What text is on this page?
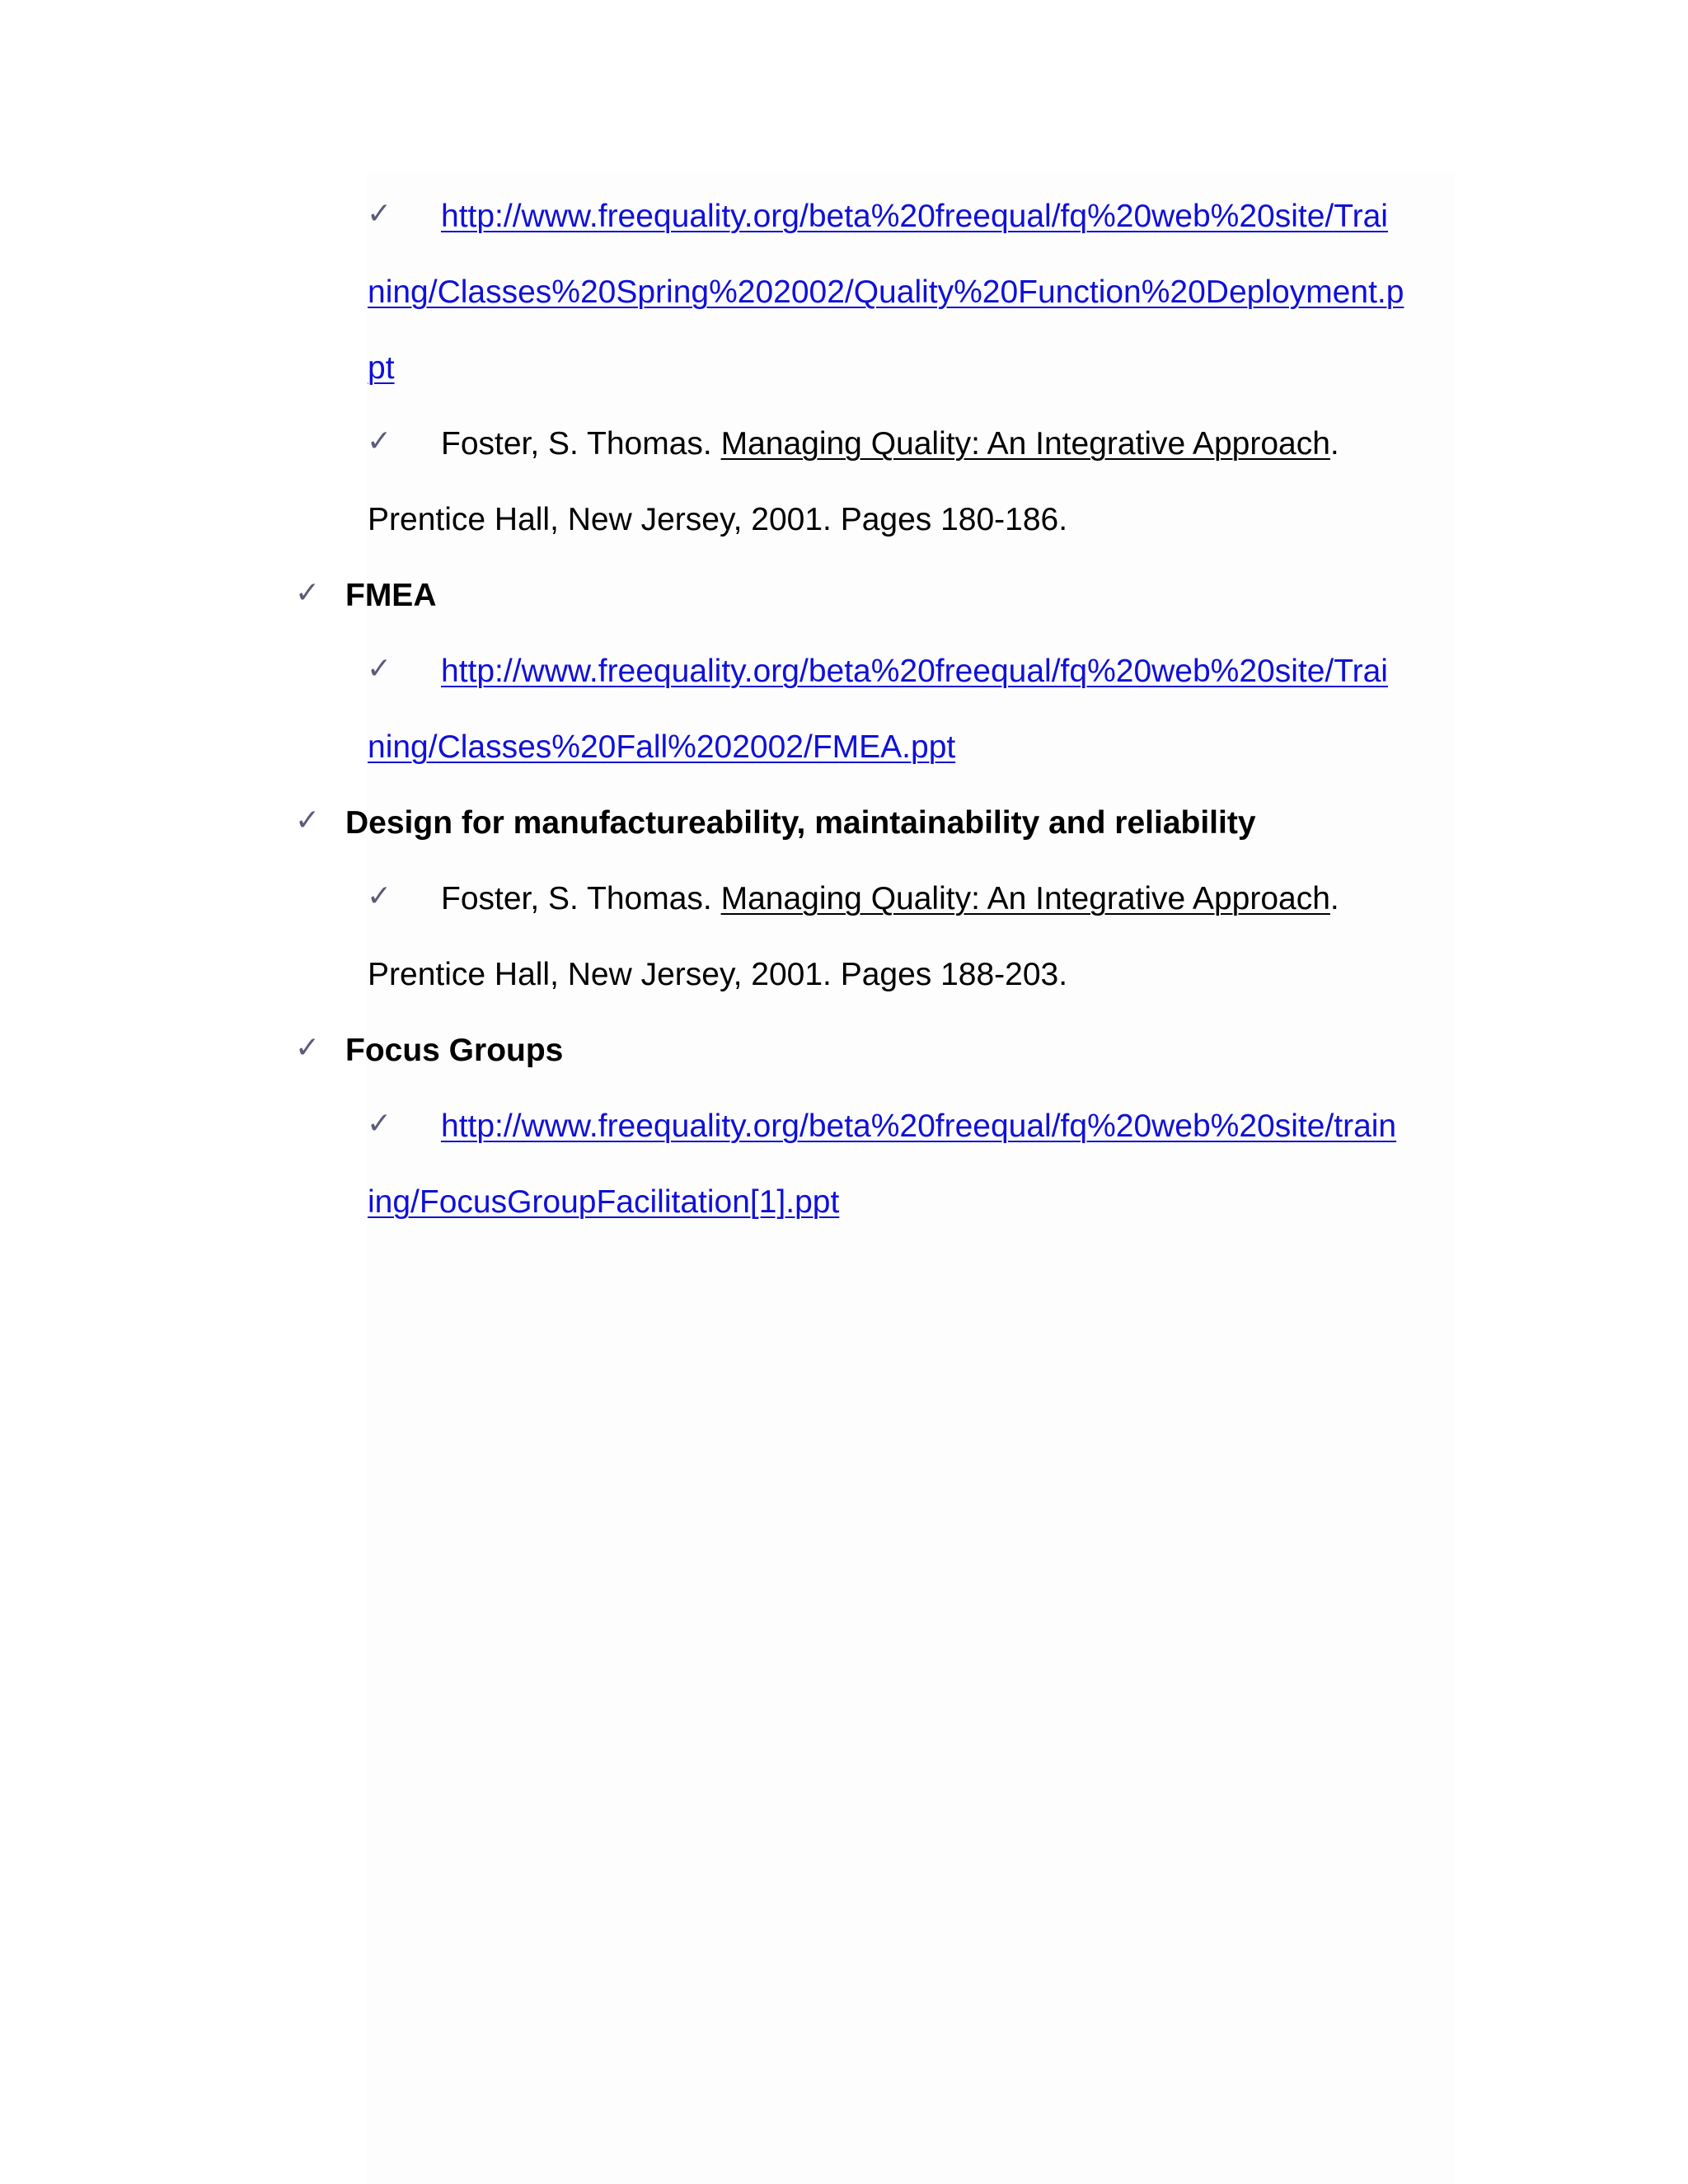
✓ http://www.freequality.org/beta%20freequal/fq%20web%20site/Trai
ning/Classes%20Spring%202002/Quality%20Function%20Deployment.p
pt
✓ Foster, S. Thomas. Managing Quality: An Integrative Approach.
Prentice Hall, New Jersey, 2001. Pages 180-186.
✓ FMEA
✓ http://www.freequality.org/beta%20freequal/fq%20web%20site/Trai
ning/Classes%20Fall%202002/FMEA.ppt
✓ Design for manufactureability, maintainability and reliability
✓ Foster, S. Thomas. Managing Quality: An Integrative Approach.
Prentice Hall, New Jersey, 2001. Pages 188-203.
✓ Focus Groups
✓ http://www.freequality.org/beta%20freequal/fq%20web%20site/train
ing/FocusGroupFacilitation[1].ppt
